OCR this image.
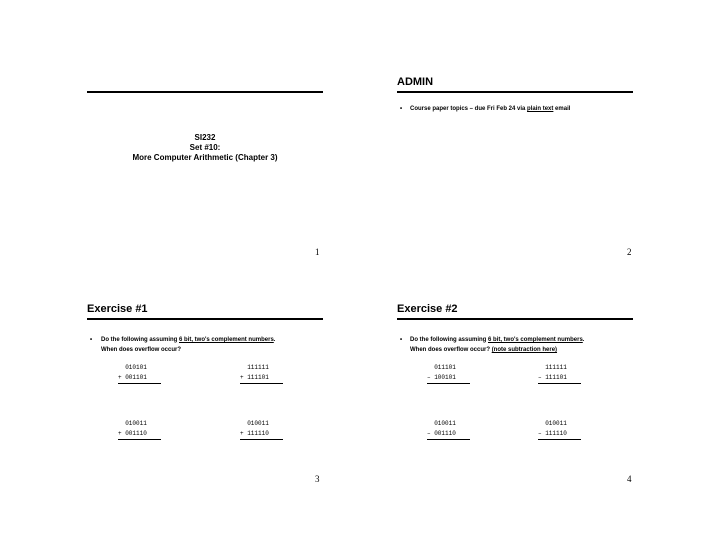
SI232
Set #10:
More Computer Arithmetic (Chapter 3)
1
ADMIN
• Course paper topics – due Fri Feb 24 via plain text email
2
Exercise #1
• Do the following assuming 6 bit, two's complement numbers.
When does overflow occur?
010101
+ 001101
111111
+ 111101
010011
+ 001110
010011
+ 111110
3
Exercise #2
• Do the following assuming 6 bit, two's complement numbers.
When does overflow occur? (note subtraction here)
011101
– 100101
111111
– 111101
010011
– 001110
010011
– 111110
4
